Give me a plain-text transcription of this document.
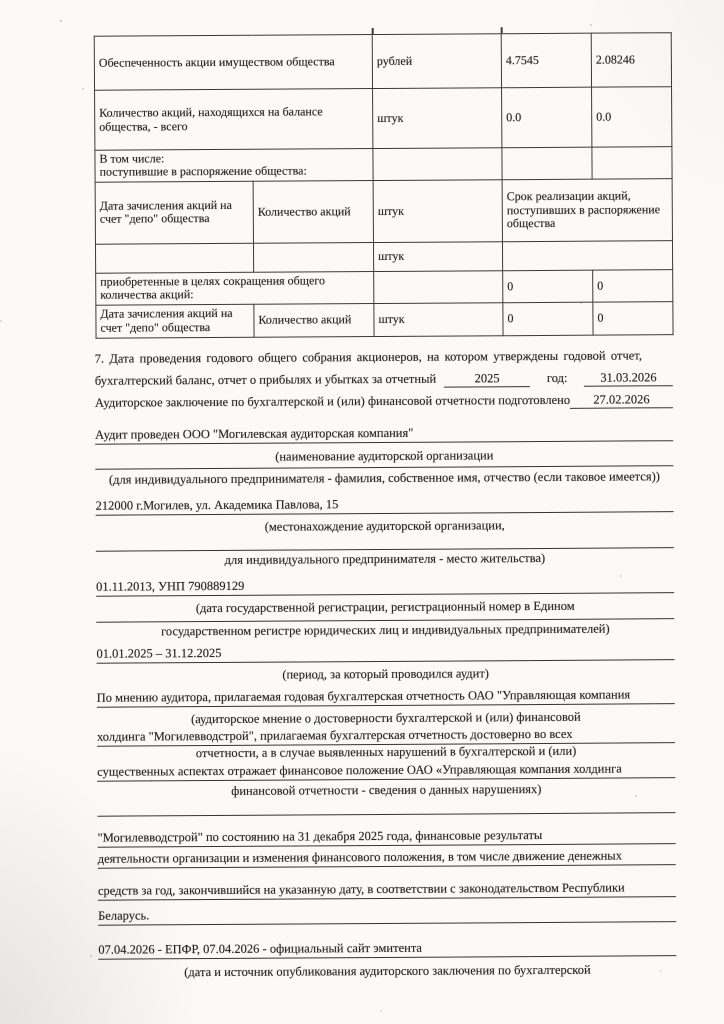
Обеспеченность акции имуществом общества		рублей	4.7545	2.08246
Количество акций, находящихся на балансе общества, - всего		штук	0.0	0.0

В том числе:
поступившие в распоряжение общества:				

Дата зачисления акций на счет "депо" общества	Количество акций	штук	Срок реализации акций, поступивших в распоряжение общества	
		штук		
приобретенные в целях сокращения общего количества акций:			0	0
Дата зачисления акций на счет "депо" общества	Количество акций	штук	0	0
7. Дата проведения годового общего собрания акционеров, на котором утверждены годовой отчет,
бухгалтерский баланс, отчет о прибылях и убытках за отчетный	2025	год:	31.03.2026
Аудиторское заключение по бухгалтерской и (или) финансовой отчетности подготовлено	27.02.2026
Аудит проведен ООО "Могилевская аудиторская компания"
(наименование аудиторской организации
(для индивидуального предпринимателя - фамилия, собственное имя, отчество (если таковое имеется))
212000 г.Могилев, ул. Академика Павлова, 15
(местонахождение аудиторской организации,
для индивидуального предпринимателя - место жительства)
01.11.2013, УНП 790889129
(дата государственной регистрации, регистрационный номер в Едином
государственном регистре юридических лиц и индивидуальных предпринимателей)
01.01.2025 – 31.12.2025
(период, за который проводился аудит)
По мнению аудитора, прилагаемая годовая бухгалтерская отчетность ОАО "Управляющая компания
(аудиторское мнение о достоверности бухгалтерской и (или) финансовой
холдинга "Могилевводстрой", прилагаемая бухгалтерская отчетность достоверно во всех
отчетности, а в случае выявленных нарушений в бухгалтерской и (или)
существенных аспектах отражает финансовое положение ОАО «Управляющая компания холдинга
финансовой отчетности - сведения о данных нарушениях)
"Могилевводстрой" по состоянию на 31 декабря 2025 года, финансовые результаты
деятельности организации и изменения финансового положения, в том числе движение денежных
средств за год, закончившийся на указанную дату, в соответствии с законодательством Республики
Беларусь.
07.04.2026 - ЕПФР, 07.04.2026 - официальный сайт эмитента
(дата и источник опубликования аудиторского заключения по бухгалтерской
